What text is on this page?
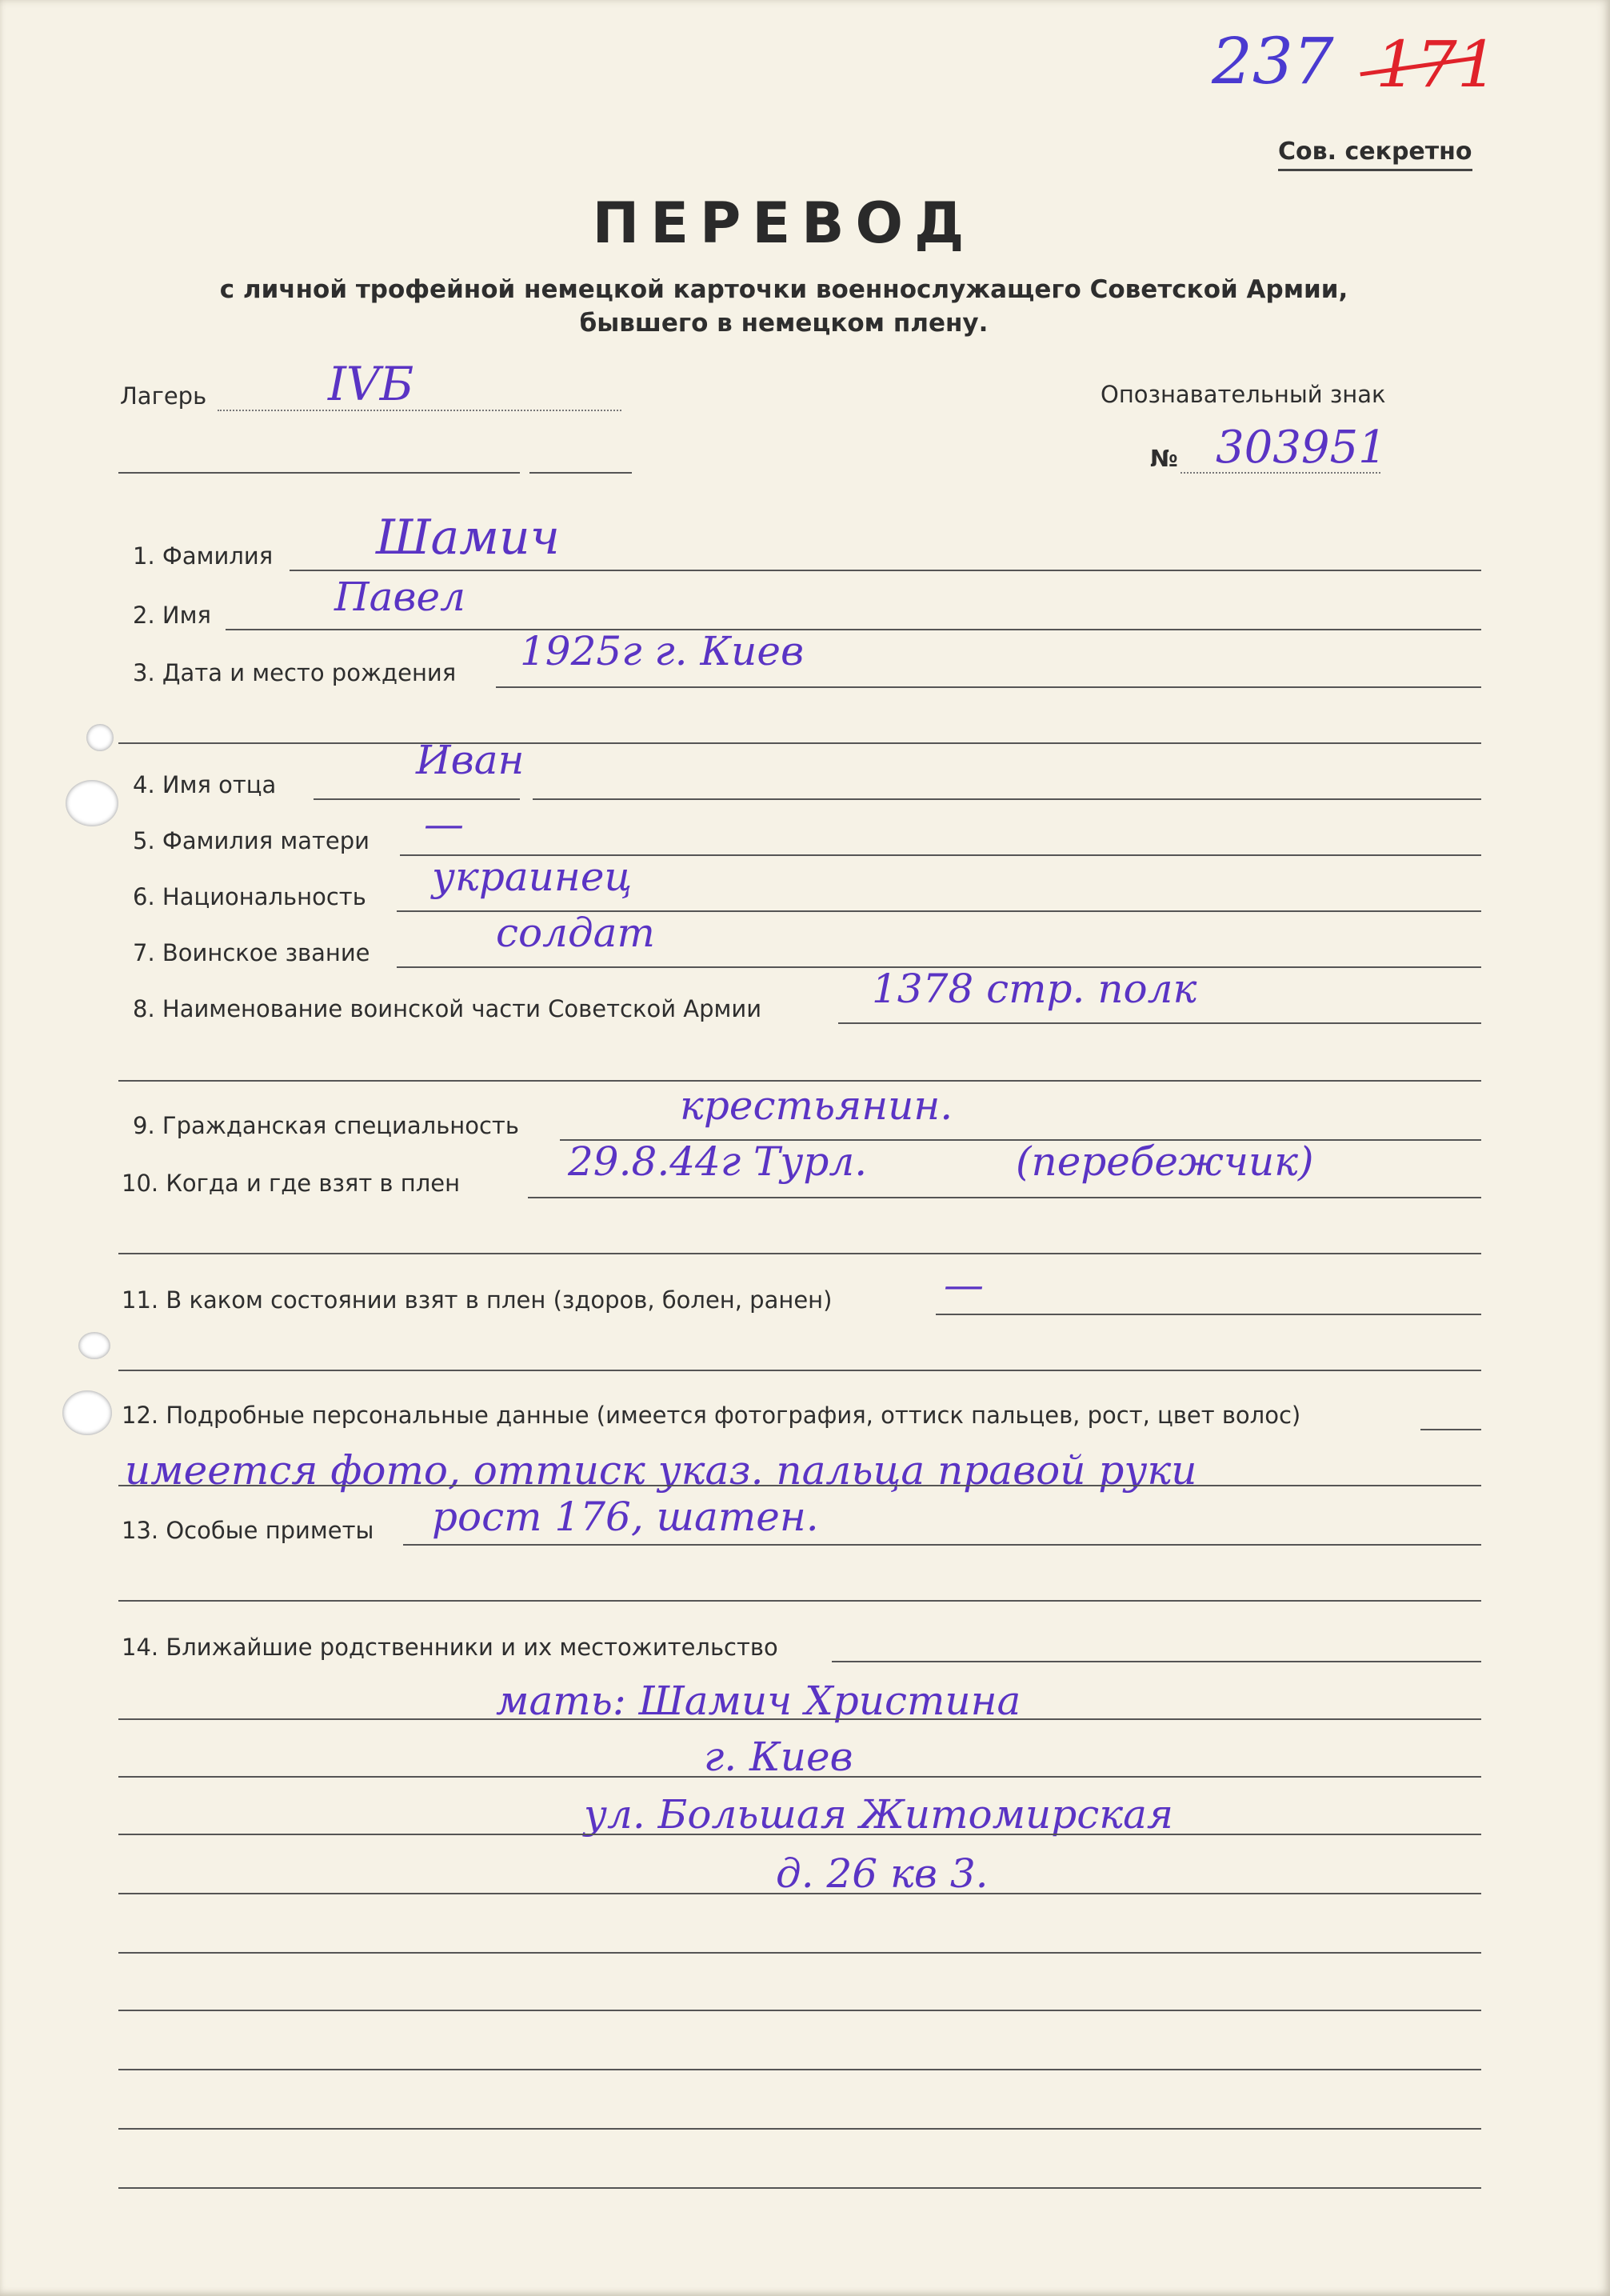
237 171
Сов. секретно
ПЕРЕВОД
с личной трофейной немецкой карточки военнослужащего Советской Армии,
бывшего в немецком плену.
Лагерь	IVБ	Опознавательный знак
№ 303951
1. Фамилия Шамич
2. Имя	Павел
3. Дата и место рождения 1925г г. Киев
4. Имя отца
Иван
5. Фамилия матери —
6. Национальность украинец
7. Воинское звание	солдат
8. Наименование воинской части Советской Армии	1378 стр. полк
9. Гражданская специальность	крестьянин.
10. Когда и где взят в плен	29.8.44г Турл.	(перебежчик)
11. В каком состоянии взят в плен (здоров, болен, ранен)	—
12. Подробные персональные данные (имеется фотография, оттиск пальцев, рост, цвет волос)
имеется фото, оттиск указ. пальца правой руки
13. Особые приметы рост 176, шатен.
14. Ближайшие родственники и их местожительство
мать: Шамич Христина
г. Киев
ул. Большая Житомирская
д. 26 кв 3.
